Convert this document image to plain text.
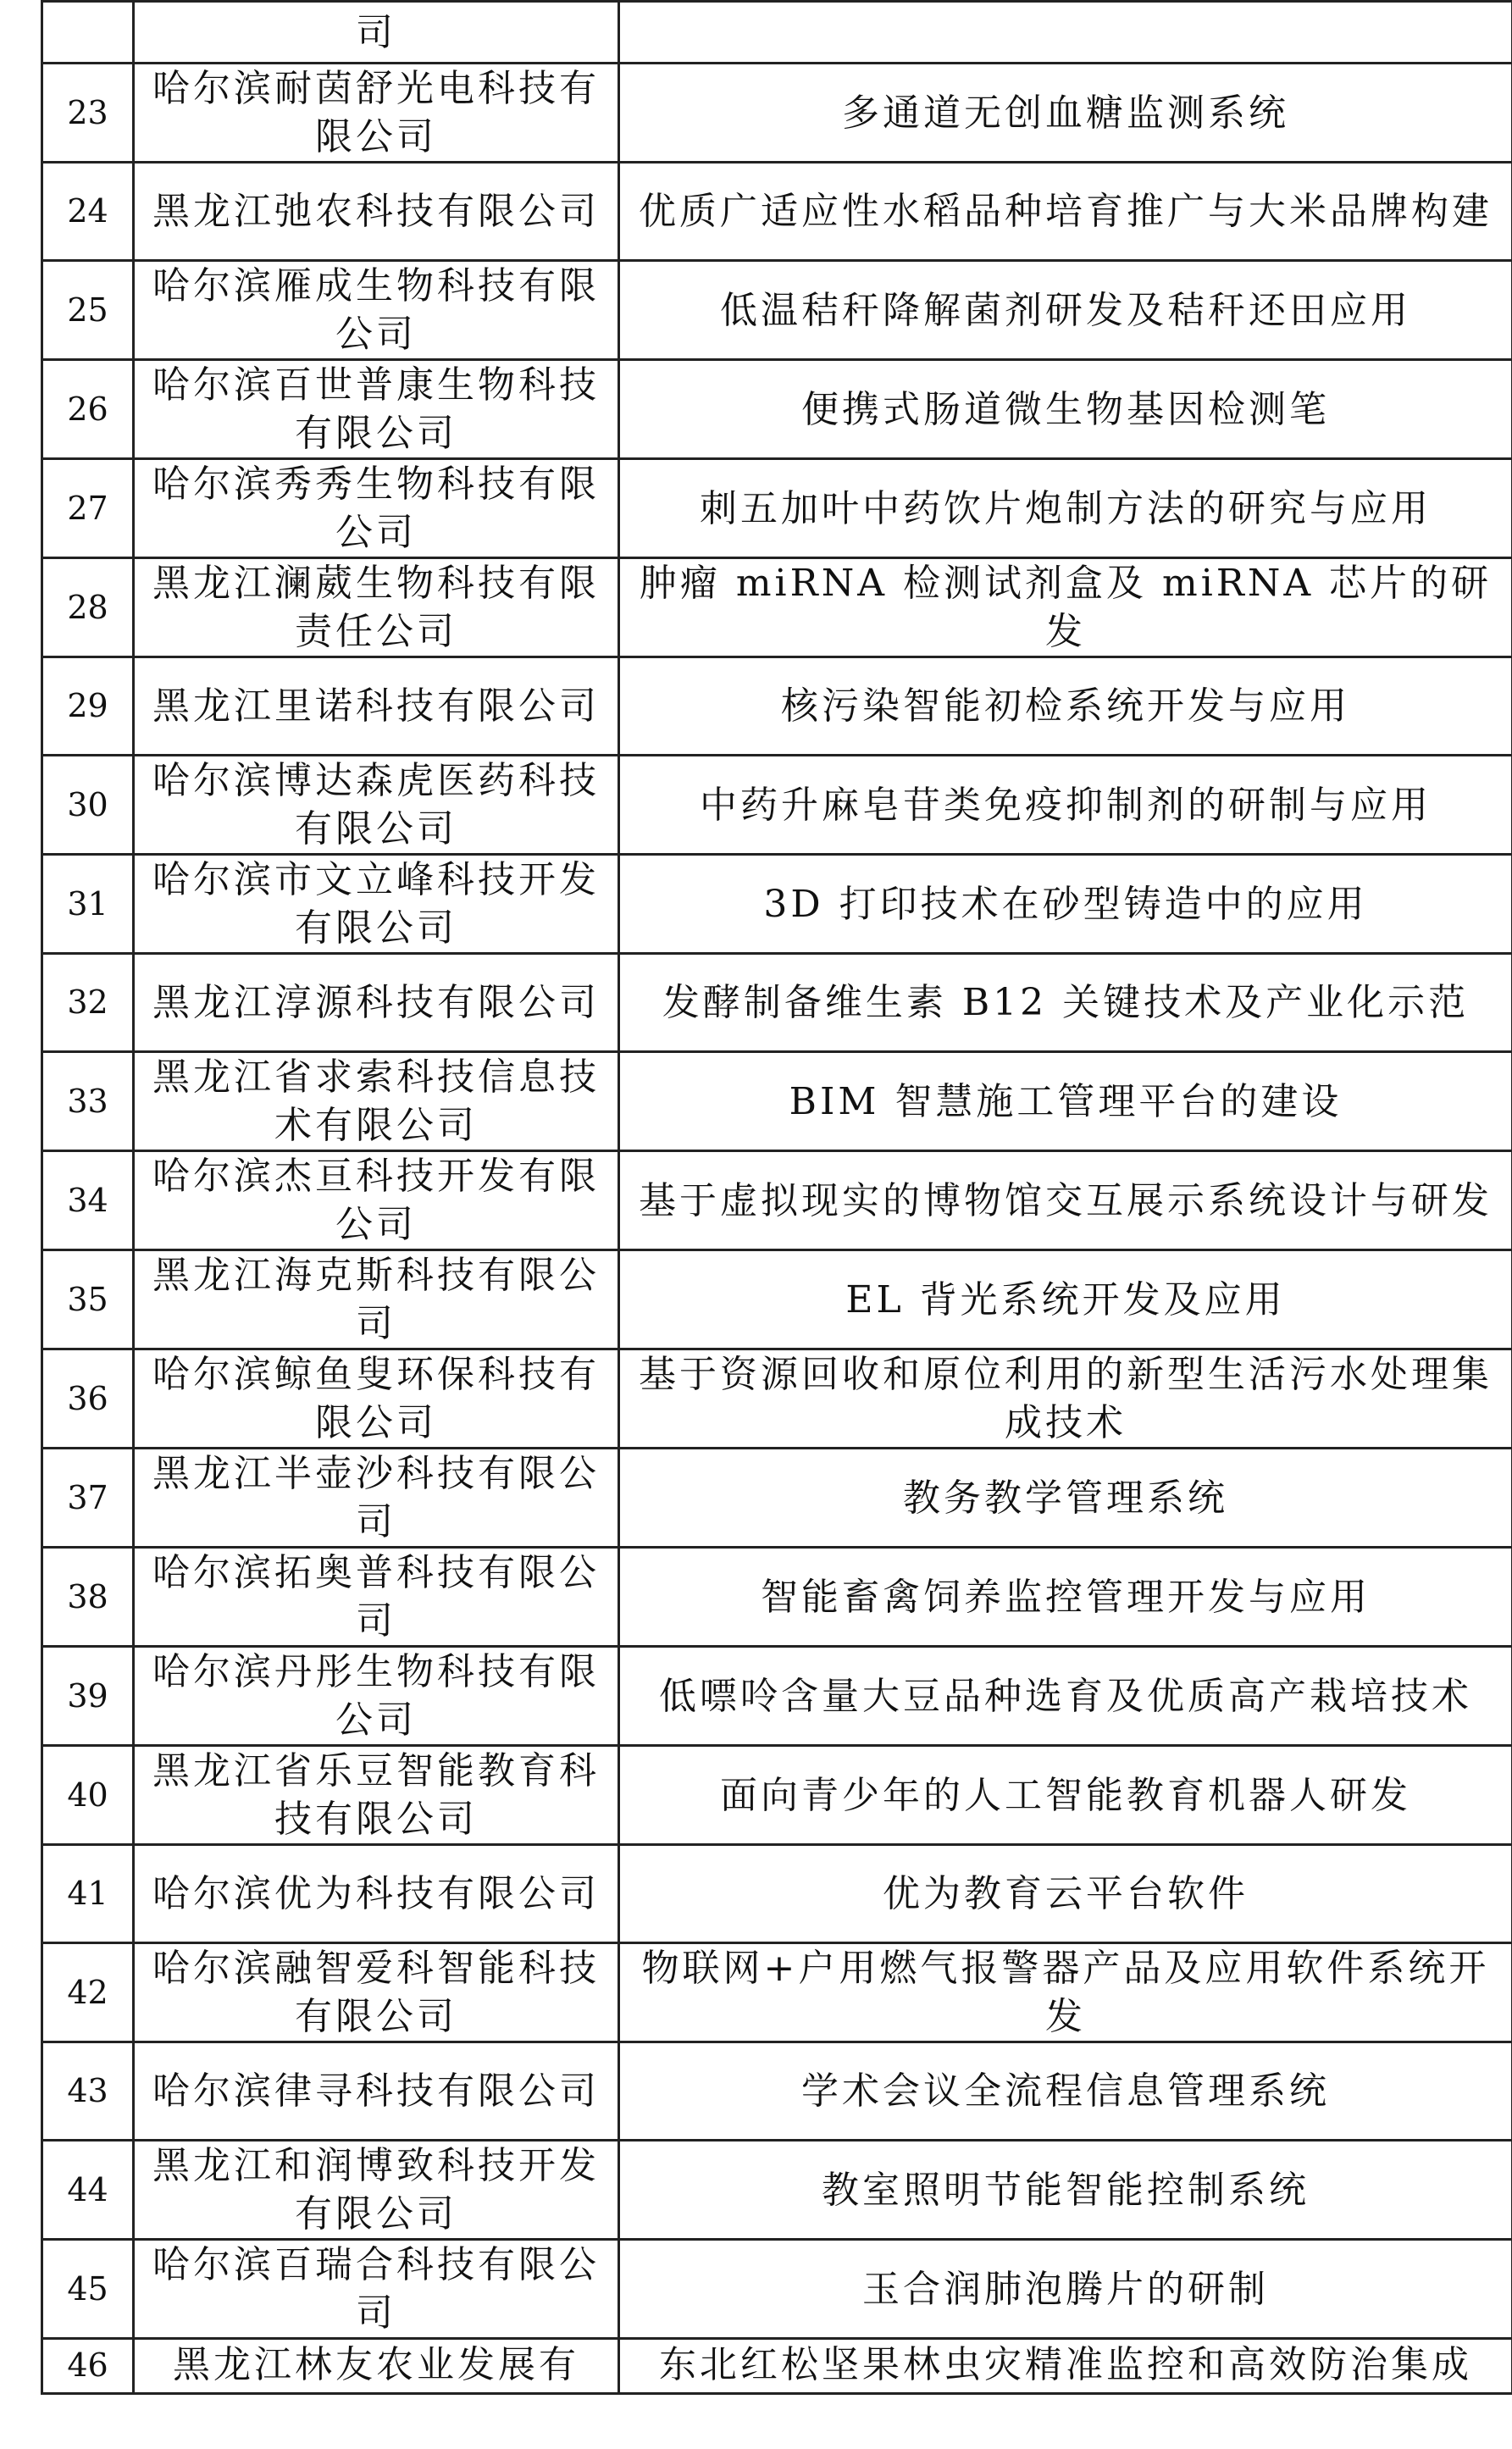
	司	

23	哈尔滨耐茵舒光电科技有限公司	多通道无创血糖监测系统

24	黑龙江弛农科技有限公司	优质广适应性水稻品种培育推广与大米品牌构建

25	哈尔滨雁成生物科技有限公司	低温秸秆降解菌剂研发及秸秆还田应用

26	哈尔滨百世普康生物科技有限公司	便携式肠道微生物基因检测笔

27	哈尔滨秀秀生物科技有限公司	刺五加叶中药饮片炮制方法的研究与应用

28	黑龙江澜葳生物科技有限责任公司	肿瘤 miRNA 检测试剂盒及 miRNA 芯片的研发

29	黑龙江里诺科技有限公司	核污染智能初检系统开发与应用

30	哈尔滨博达森虎医药科技有限公司	中药升麻皂苷类免疫抑制剂的研制与应用

31	哈尔滨市文立峰科技开发有限公司	3D 打印技术在砂型铸造中的应用

32	黑龙江淳源科技有限公司	发酵制备维生素 B12 关键技术及产业化示范

33	黑龙江省求索科技信息技术有限公司	BIM 智慧施工管理平台的建设

34	哈尔滨杰亘科技开发有限公司	基于虚拟现实的博物馆交互展示系统设计与研发

35	黑龙江海克斯科技有限公司	EL 背光系统开发及应用

36	哈尔滨鲸鱼叟环保科技有限公司	基于资源回收和原位利用的新型生活污水处理集成技术

37	黑龙江半壶沙科技有限公司	教务教学管理系统

38	哈尔滨拓奥普科技有限公司	智能畜禽饲养监控管理开发与应用

39	哈尔滨丹彤生物科技有限公司	低嘌呤含量大豆品种选育及优质高产栽培技术

40	黑龙江省乐豆智能教育科技有限公司	面向青少年的人工智能教育机器人研发

41	哈尔滨优为科技有限公司	优为教育云平台软件

42	哈尔滨融智爱科智能科技有限公司	物联网+户用燃气报警器产品及应用软件系统开发

43	哈尔滨律寻科技有限公司	学术会议全流程信息管理系统

44	黑龙江和润博致科技开发有限公司	教室照明节能智能控制系统

45	哈尔滨百瑞合科技有限公司	玉合润肺泡腾片的研制

46	黑龙江林友农业发展有	东北红松坚果林虫灾精准监控和高效防治集成
